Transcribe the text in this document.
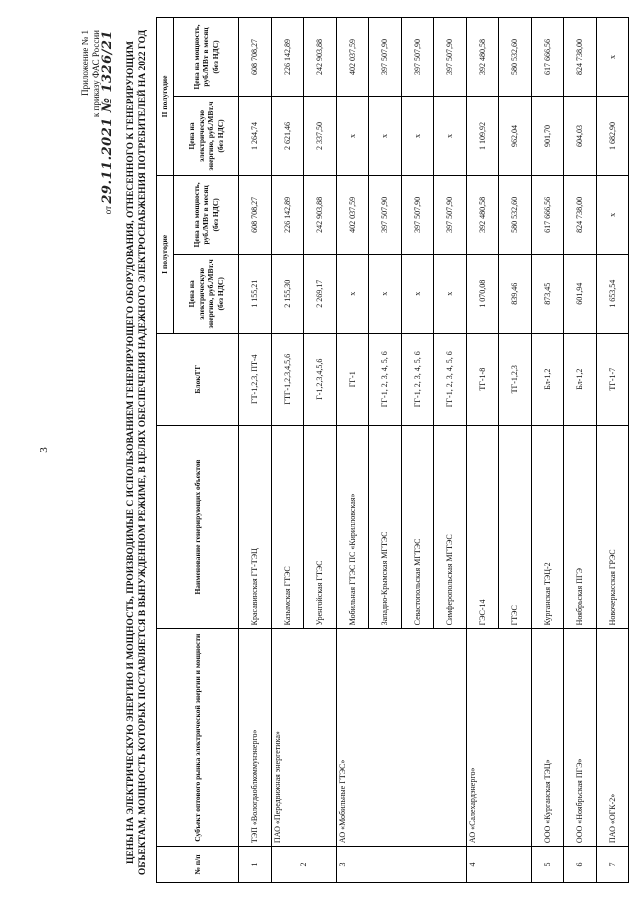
3
Приложение № 1 к приказу ФАС России
от 29.11.2021 № 1326/21 ЦЕНЫ НА ЭЛЕКТРИЧЕСКУЮ ЭНЕРГИЮ И МОЩНОСТЬ, ПРОИЗВОДИМЫЕ С ИСПОЛЬЗОВАНИЕМ ГЕНЕРИРУЮЩЕГО ОБОРУДОВАНИЯ, ОТНЕСЕННОГО К ГЕНЕРИРУЮЩИМ ОБЪЕКТАМ, МОЩНОСТЬ КОТОРЫХ ПОСТАВЛЯЕТСЯ В ВЫНУЖДЕННОМ РЕЖИМЕ, В ЦЕЛЯХ ОБЕСПЕЧЕНИЯ НАДЕЖНОГО ЭЛЕКТРОСНАБЖЕНИЯ ПОТРЕБИТЕЛЕЙ НА 2022 ГОД	№ п/п	Субъект оптового рынка электрической энергии и мощности	Наименование генерирующих объектов	Блок/ГГ	I полугодие		II полугодие	
				Цена на электрическую энергию, руб./МВт.ч (без НДС)	Цена на мощность, руб./МВт в месяц (без НДС)	Цена на электрическую энергию, руб./МВт.ч (без НДС)	Цена на мощность, руб./МВт в месяц (без НДС)
1	ТЭП «Вологдаоблкоммунэнерго»	Красавинская ГТ-ТЭЦ	ГТ-1,2,3, ПТ-4	1 155,21	608 708,27	1 264,74	608 708,27
2	ПАО «Передвижная энергетика»	Казымская ГТЭС	ГТГ-1,2,3,4,5,6	2 155,30	226 142,89	2 621,46	226 142,89
		Уренгойская ГТЭС	Г-1,2,3,4,5,6	2 269,17	242 903,88	2 337,50	242 903,88
3	АО «Мобильные ГТЭС»	Мобильная ГТЭС ПС «Кирилловская»	ГГ-1	x	402 037,59	x	402 037,59
		Западно-Крымская МГТЭС	ГГ-1, 2, 3, 4, 5, 6	x	397 507,90	x	397 507,90
		Севастопольская МГТЭС	ГГ-1, 2, 3, 4, 5, 6	x	397 507,90	x	397 507,90
		Симферопольская МГТЭС	ГГ-1, 2, 3, 4, 5, 6	x	397 507,90	x	397 507,90
4	АО «Салехардэнерго»	ГЭС-14	ТГ-1-8	1 070,08	392 480,58	1 109,92	392 480,58
		ГТЭС	ТГ-1,2,3	839,46	580 532,60	962,04	580 532,60
5	ООО «Курганская ТЭЦ»	Курганская ТЭЦ-2	Бл-1,2	873,45	617 666,56	901,70	617 666,56
6	ООО «Ноябрьская ПГЭ»	Ноябрьская ПГЭ	Бл-1,2	601,94	824 738,00	604,03	824 738,00
7	ПАО «ОГК-2»	Новочеркасская ГРЭС	ТГ-1-7	1 653,54	x	1 682,90	x
